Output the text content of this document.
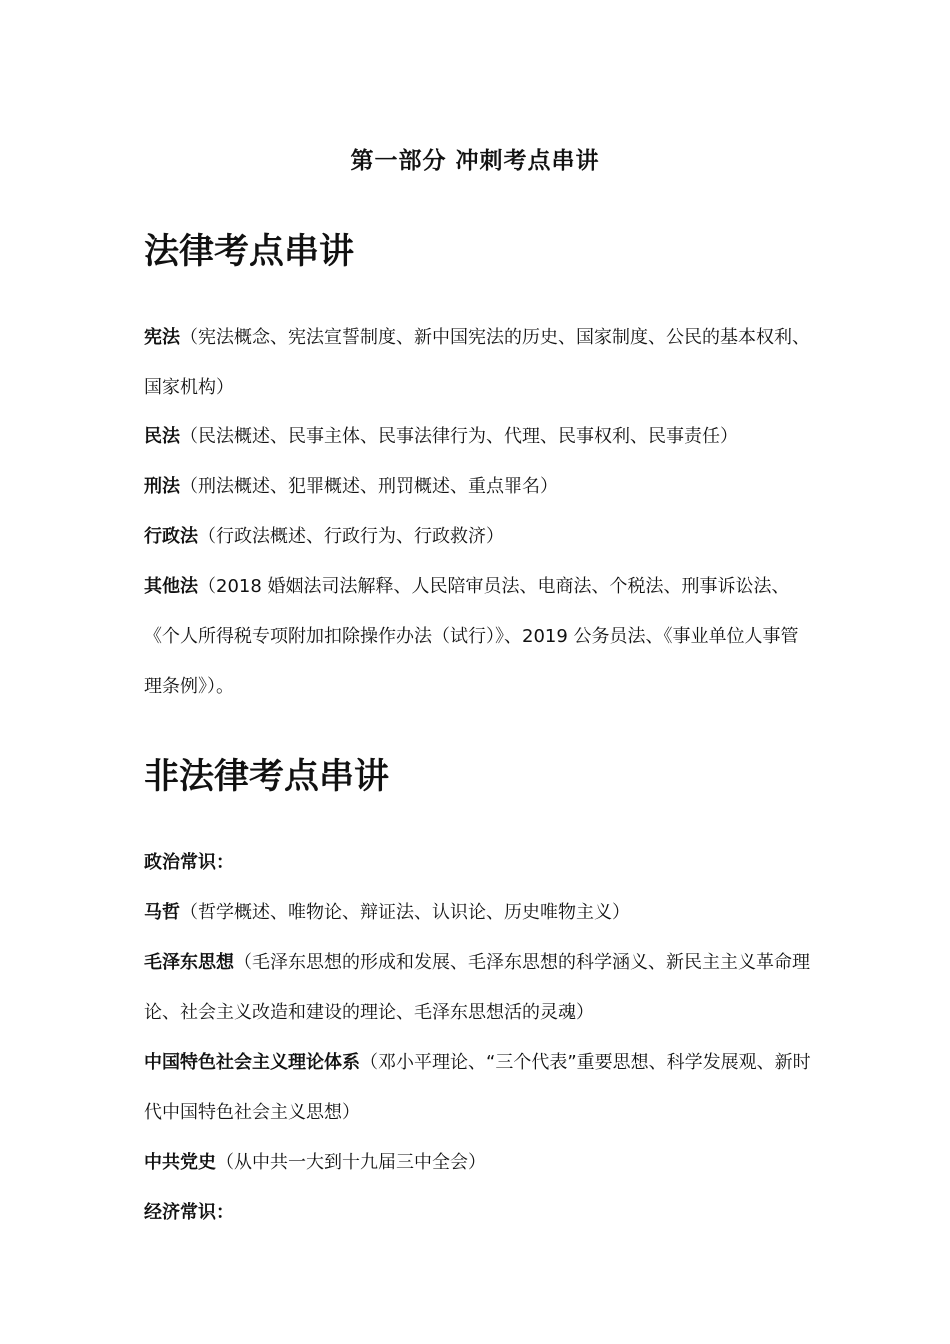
第一部分 冲刺考点串讲
法律考点串讲
宪法（宪法概念、宪法宣誓制度、新中国宪法的历史、国家制度、公民的基本权利、国家机构）
民法（民法概述、民事主体、民事法律行为、代理、民事权利、民事责任）
刑法（刑法概述、犯罪概述、刑罚概述、重点罪名）
行政法（行政法概述、行政行为、行政救济）
其他法（2018 婚姻法司法解释、人民陪审员法、电商法、个税法、刑事诉讼法、《个人所得税专项附加扣除操作办法（试行）》、2019 公务员法、《事业单位人事管理条例》）。
非法律考点串讲
政治常识：
马哲（哲学概述、唯物论、辩证法、认识论、历史唯物主义）
毛泽东思想（毛泽东思想的形成和发展、毛泽东思想的科学涵义、新民主主义革命理论、社会主义改造和建设的理论、毛泽东思想活的灵魂）
中国特色社会主义理论体系（邓小平理论、“三个代表”重要思想、科学发展观、新时代中国特色社会主义思想）
中共党史（从中共一大到十九届三中全会）
经济常识：
